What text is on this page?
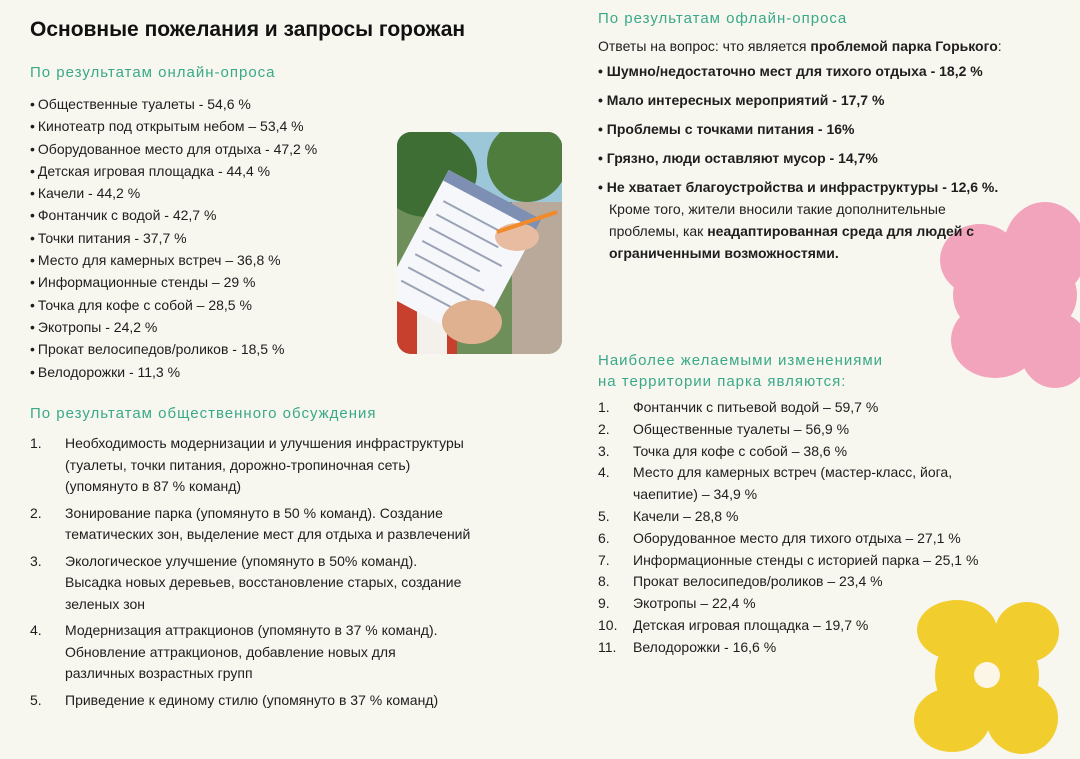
Основные пожелания и запросы горожан
По результатам онлайн-опроса
• Общественные туалеты - 54,6 %
• Кинотеатр под открытым небом – 53,4 %
• Оборудованное место для отдыха - 47,2 %
• Детская игровая площадка - 44,4 %
• Качели - 44,2 %
• Фонтанчик с водой - 42,7 %
• Точки питания - 37,7 %
• Место для камерных встреч – 36,8 %
• Информационные стенды – 29 %
• Точка для кофе с собой – 28,5 %
• Экотропы - 24,2 %
• Прокат велосипедов/роликов - 18,5 %
• Велодорожки - 11,3 %
По результатам общественного обсуждения
1.	Необходимость модернизации и улучшения инфраструктуры
(туалеты, точки питания, дорожно-тропиночная сеть)
(упомянуто в 87 % команд)
2.	Зонирование парка (упомянуто в 50 % команд). Создание
тематических зон, выделение мест для отдыха и развлечений
3.	Экологическое улучшение (упомянуто в 50% команд).
Высадка новых деревьев, восстановление старых, создание
зеленых зон
4.	Модернизация аттракционов (упомянуто в 37 % команд).
Обновление аттракционов, добавление новых для
различных возрастных групп
5.	Приведение к единому стилю (упомянуто в 37 % команд)
По результатам офлайн-опроса
Ответы на вопрос: что является проблемой парка Горького:
• Шумно/недостаточно мест для тихого отдыха - 18,2 %
• Мало интересных мероприятий - 17,7 %
• Проблемы с точками питания - 16%
• Грязно, люди оставляют мусор - 14,7%
• Не хватает благоустройства и инфраструктуры - 12,6 %.
Кроме того, жители вносили такие дополнительные
проблемы, как неадаптированная среда для людей с
ограниченными возможностями.
Наиболее желаемыми изменениями
на территории парка являются:
1.	Фонтанчик с питьевой водой – 59,7 %
2.	Общественные туалеты – 56,9 %
3.	Точка для кофе с собой – 38,6 %
4.	Место для камерных встреч (мастер-класс, йога,
чаепитие) – 34,9 %
5.	Качели – 28,8 %
6.	Оборудованное место для тихого отдыха – 27,1 %
7.	Информационные стенды с историей парка – 25,1 %
8.	Прокат велосипедов/роликов – 23,4 %
9.	Экотропы – 22,4 %
10.	Детская игровая площадка – 19,7 %
11.	Велодорожки - 16,6 %
